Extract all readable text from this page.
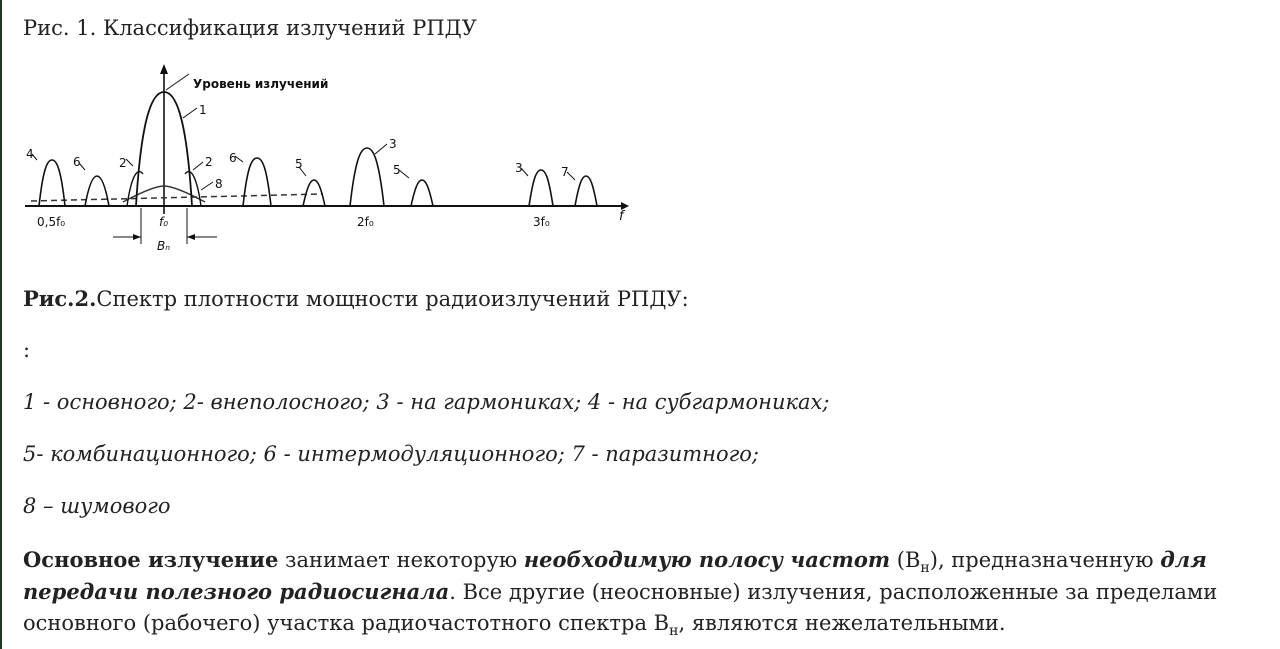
Рис. 1. Классификация излучений РПДУ

Уровень излучений
f
1
2	2
3
3
4
5	5
6	6
7
8
0,5f₀	f₀	2f₀	3f₀
Bₙ

Рис.2.Спектр плотности мощности радиоизлучений РПДУ:

:

1 - основного; 2- внеполосного; 3 - на гармониках; 4 - на субгармониках;

5- комбинационного; 6 - интермодуляционного; 7 - паразитного;

8 – шумового

Основное излучение занимает некоторую необходимую полосу частот $(B_н)$, предназначенную для передачи полезного радиосигнала. Все другие (неосновные) излучения, расположенные за пределами основного (рабочего) участка радиочастотного спектра $B_н$, являются нежелательными.
